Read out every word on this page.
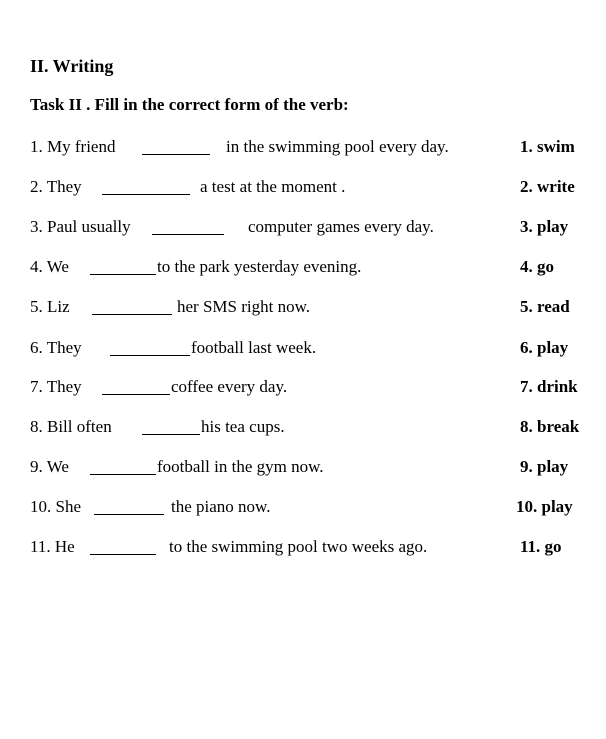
II. Writing
Task II . Fill in the correct form of the verb:
1. My friend	in the swimming pool every day.	1. swim
2. They	a test at the moment .	2. write
3. Paul usually	computer games every day.	3. play
4. We	to the park yesterday evening.	4. go
5. Liz	her SMS right now.	5. read
6. They	football last week.	6. play
7. They	coffee every day.	7. drink
8. Bill often	his tea cups.	8. break
9. We	football in the gym now.	9. play
10. She	the piano now.	10. play
11. He	to the swimming pool two weeks ago.	11. go
